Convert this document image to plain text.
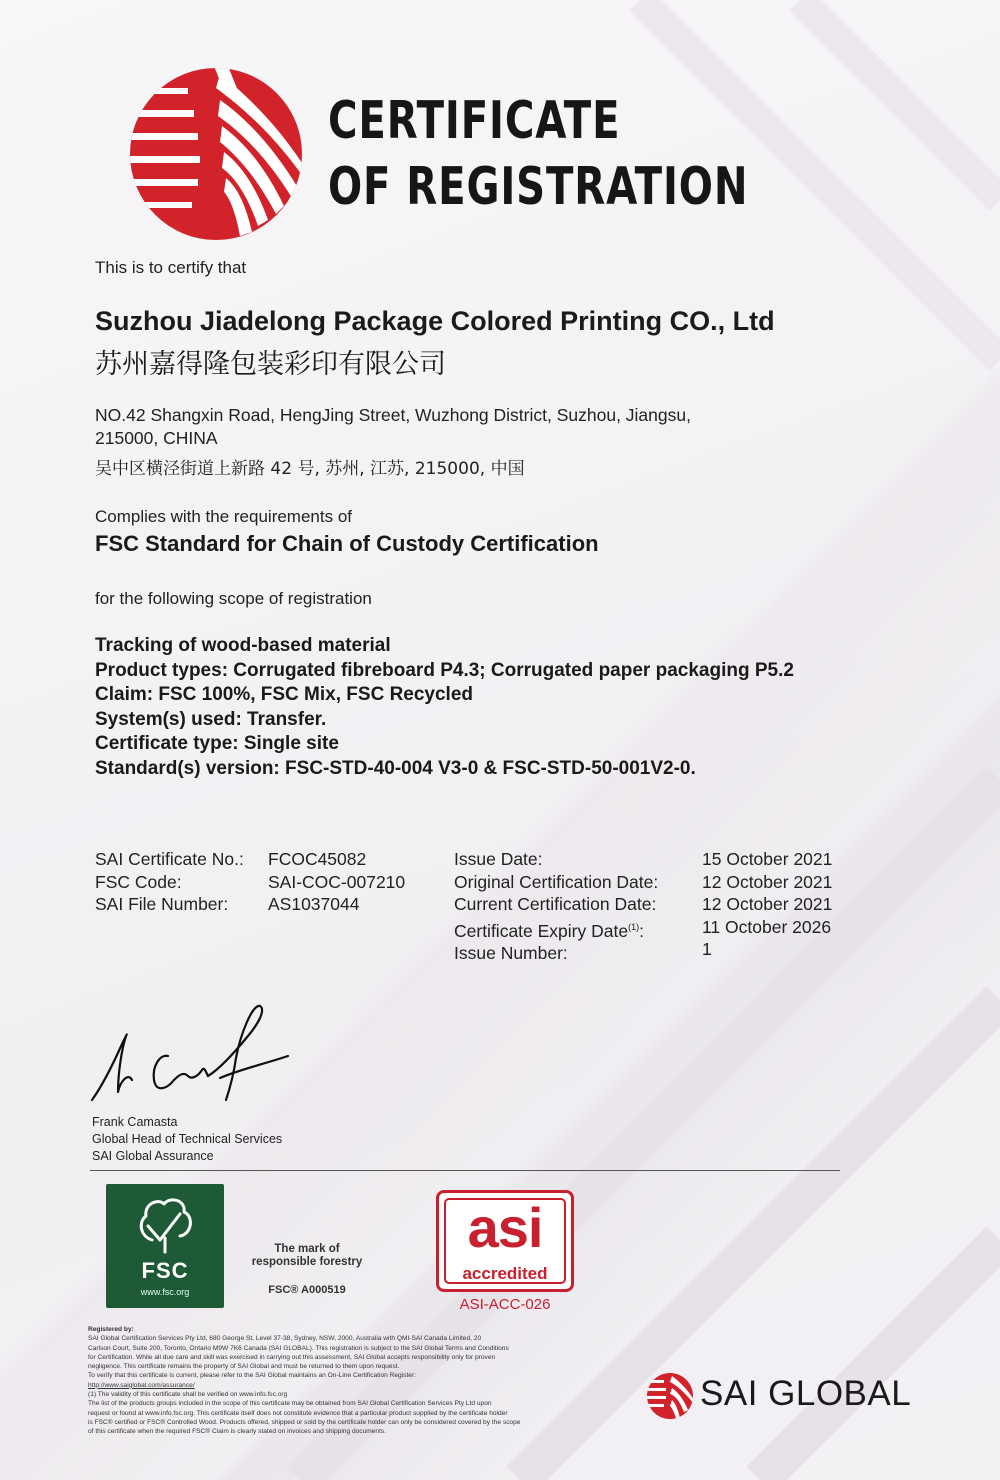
CERTIFICATE
OF REGISTRATION
This is to certify that
Suzhou Jiadelong Package Colored Printing CO., Ltd
苏州嘉得隆包装彩印有限公司
NO.42 Shangxin Road, HengJing Street, Wuzhong District, Suzhou, Jiangsu,
215000, CHINA
吴中区横泾街道上新路 42 号, 苏州, 江苏, 215000, 中国
Complies with the requirements of
FSC Standard for Chain of Custody Certification
for the following scope of registration
Tracking of wood-based material
Product types: Corrugated fibreboard P4.3; Corrugated paper packaging P5.2
Claim: FSC 100%, FSC Mix, FSC Recycled
System(s) used: Transfer.
Certificate type: Single site
Standard(s) version: FSC-STD-40-004 V3-0 & FSC-STD-50-001V2-0.
SAI Certificate No.:
FSC Code:
SAI File Number:
FCOC45082
SAI-COC-007210
AS1037044
Issue Date:
Original Certification Date:
Current Certification Date:
Certificate Expiry Date$^{(1)}$:
Issue Number:
15 October 2021
12 October 2021
12 October 2021
11 October 2026
1
Frank Camasta
Global Head of Technical Services
SAI Global Assurance
FSC
www.fsc.org
The mark of
responsible forestry
FSC® A000519
asi
accredited
ASI-ACC-026
Registered by:
SAI Global Certification Services Pty Ltd, 680 George St, Level 37-38, Sydney, NSW, 2000, Australia with QMI-SAI Canada Limited, 20
Carlson Court, Suite 200, Toronto, Ontario M9W 7K6 Canada (SAI GLOBAL). This registration is subject to the SAI Global Terms and Conditions
for Certification. While all due care and skill was exercised in carrying out this assessment, SAI Global accepts responsibility only for proven
negligence. This certificate remains the property of SAI Global and must be returned to them upon request.
To verify that this certificate is current, please refer to the SAI Global maintains an On-Line Certification Register:
http://www.saiglobal.com/assurance/
(1) The validity of this certificate shall be verified on www.info.fsc.org
The list of the products groups included in the scope of this certificate may be obtained from SAI Global Certification Services Pty Ltd upon
request or found at www.info.fsc.org. This certificate itself does not constitute evidence that a particular product supplied by the certificate holder
is FSC® certified or FSC® Controlled Wood. Products offered, shipped or sold by the certificate holder can only be considered covered by the scope
of this certificate when the required FSC® Claim is clearly stated on invoices and shipping documents.
SAI GLOBAL
